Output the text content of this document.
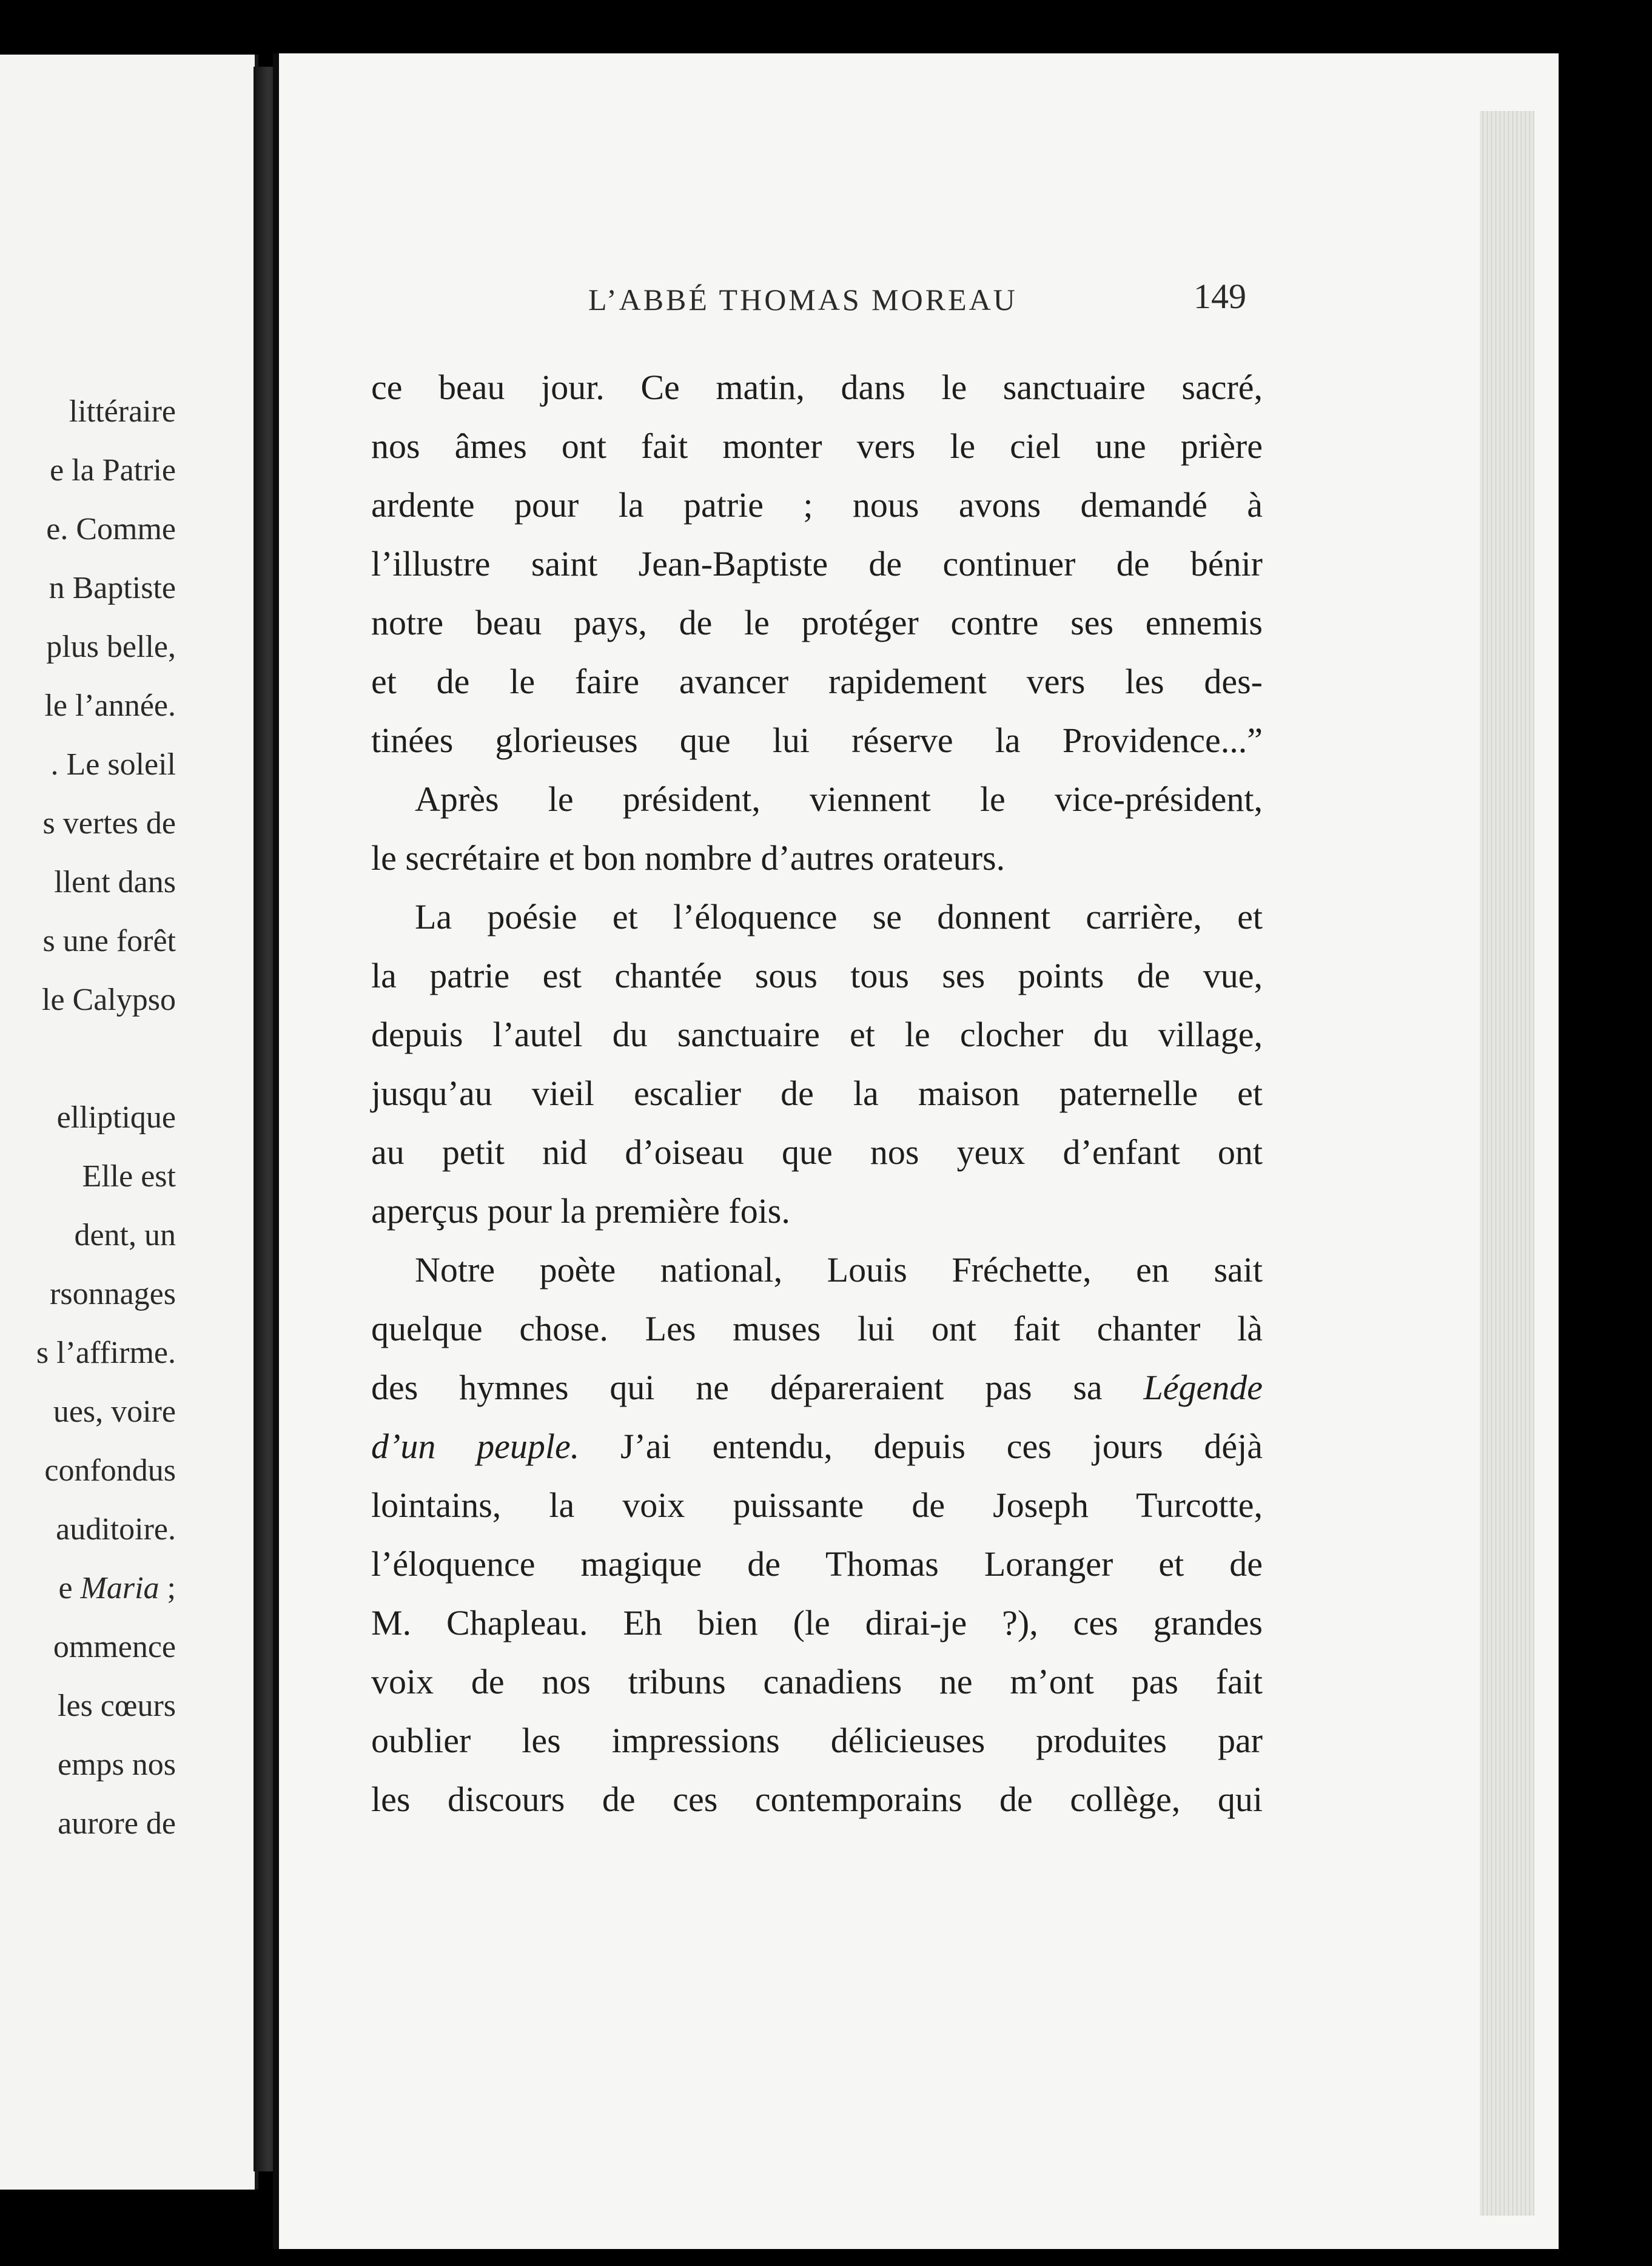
littéraire
e la Patrie
e. Comme
n Baptiste
plus belle,
le l’année.
. Le soleil
s vertes de
llent dans
s une forêt
le Calypso
elliptique
Elle est
dent, un
rsonnages
s l’affirme.
ues, voire
confondus
auditoire.
e Maria ;
ommence
les cœurs
emps nos
aurore de
L’ABBÉ THOMAS MOREAU	149
ce beau jour. Ce matin, dans le sanctuaire sacré,
nos âmes ont fait monter vers le ciel une prière
ardente pour la patrie ; nous avons demandé à
l’illustre saint Jean-Baptiste de continuer de bénir
notre beau pays, de le protéger contre ses ennemis
et de le faire avancer rapidement vers les des-
tinées glorieuses que lui réserve la Providence...”
Après le président, viennent le vice-président,
le secrétaire et bon nombre d’autres orateurs.
La poésie et l’éloquence se donnent carrière, et
la patrie est chantée sous tous ses points de vue,
depuis l’autel du sanctuaire et le clocher du village,
jusqu’au vieil escalier de la maison paternelle et
au petit nid d’oiseau que nos yeux d’enfant ont
aperçus pour la première fois.
Notre poète national, Louis Fréchette, en sait
quelque chose. Les muses lui ont fait chanter là
des hymnes qui ne dépareraient pas sa Légende
d’un peuple. J’ai entendu, depuis ces jours déjà
lointains, la voix puissante de Joseph Turcotte,
l’éloquence magique de Thomas Loranger et de
M. Chapleau. Eh bien (le dirai-je ?), ces grandes
voix de nos tribuns canadiens ne m’ont pas fait
oublier les impressions délicieuses produites par
les discours de ces contemporains de collège, qui
